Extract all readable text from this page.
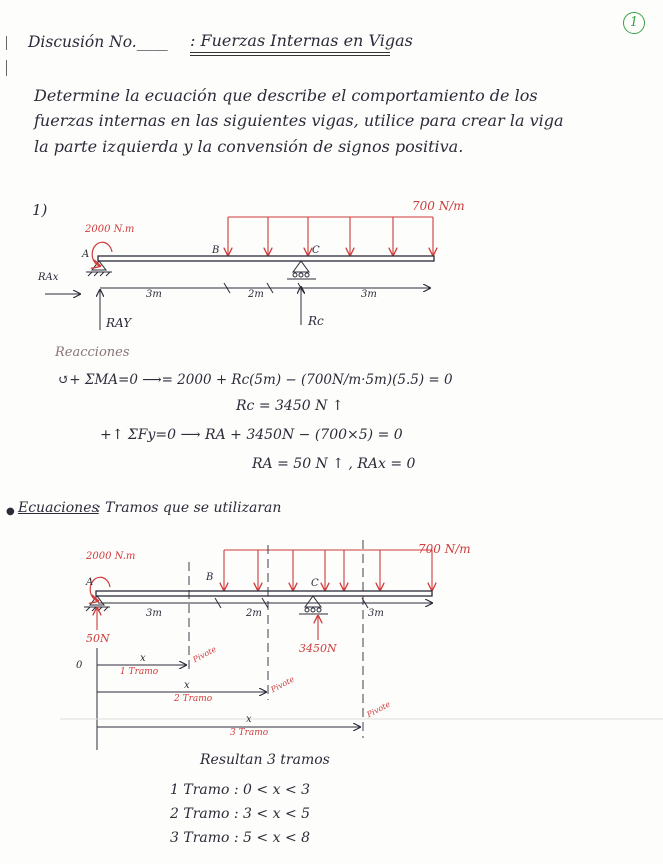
1
Discusión No.____ : Fuerzas Internas en Vigas
Determine la ecuación que describe el comportamiento de los
fuerzas internas en las siguientes vigas, utilice para crear la viga
la parte izquierda y la convensión de signos positiva.
1)
2000 N.m
700 N/m
A	B	C
RAx
RAY	Rc
3m	2m	3m
Reacciones
↺+ ΣMA=0 ⟶= 2000 + Rc(5m) − (700N/m·5m)(5.5) = 0
Rc = 3450 N ↑
+↑ ΣFy=0 ⟶ RA + 3450N − (700×5) = 0
RA = 50 N ↑ , RAx = 0
● Ecuaciones
: Tramos que se utilizaran
2000 N.m
700 N/m
A	B
C
3m	2m	3m
50N
3450N
0
x
1 Tramo
Pivote
x
2 Tramo
Pivote
x
3 Tramo
Pivote
Resultan 3 tramos
1 Tramo : 0 < x < 3
2 Tramo : 3 < x < 5
3 Tramo : 5 < x < 8
